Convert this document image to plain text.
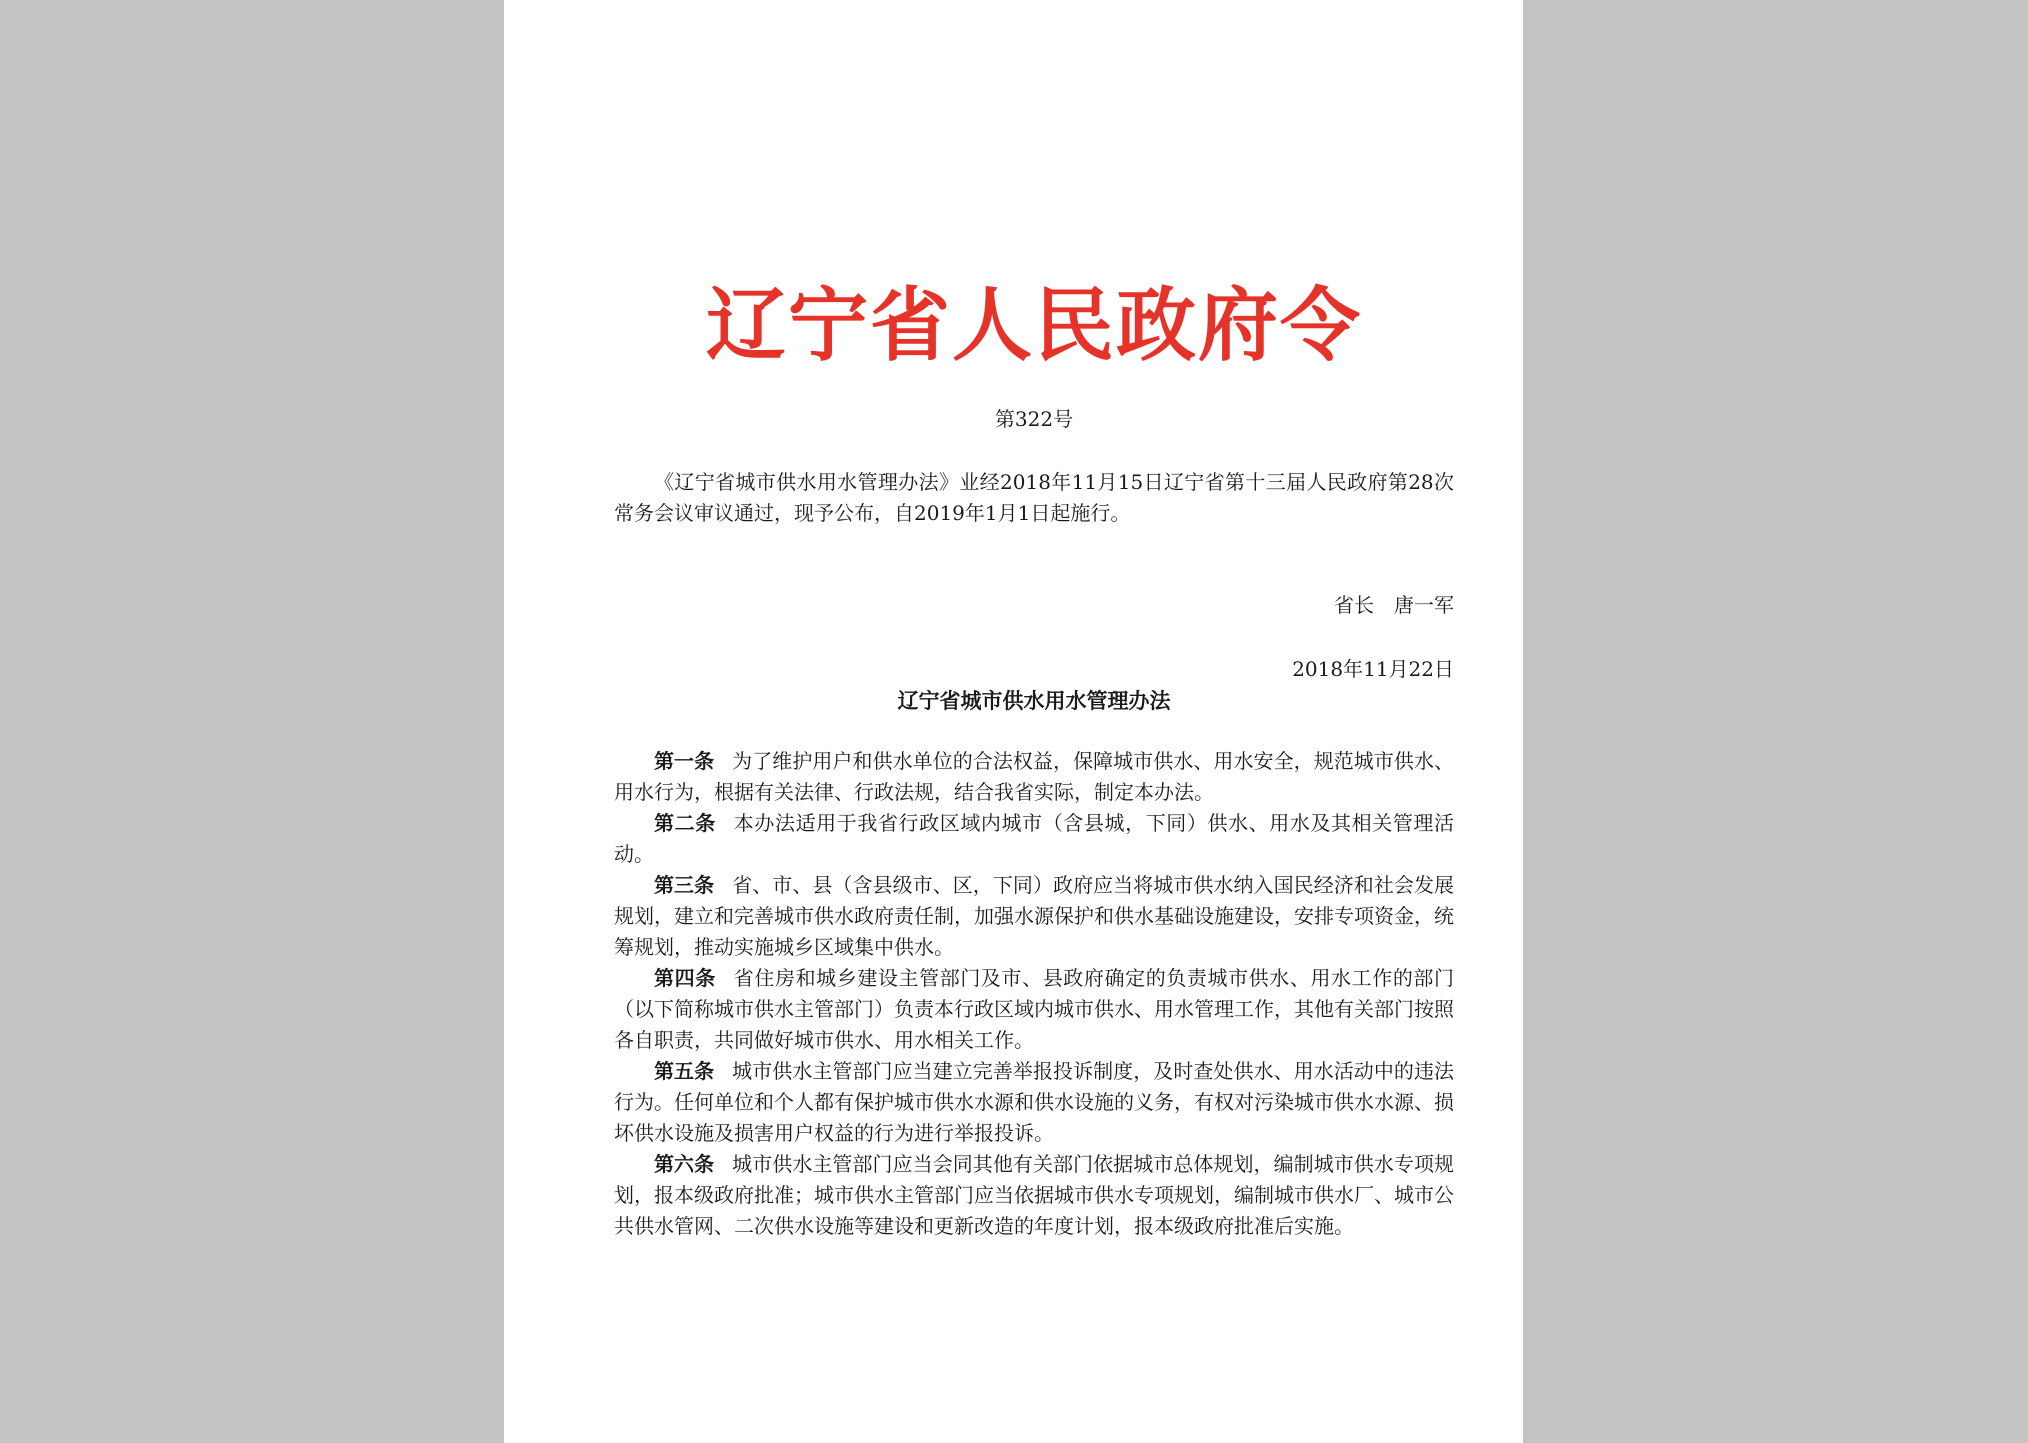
辽宁省人民政府令
第322号

《辽宁省城市供水用水管理办法》业经2018年11月15日辽宁省第十三届人民政府第28次常务会议审议通过，现予公布，自2019年1月1日起施行。

省长　唐一军
2018年11月22日
辽宁省城市供水用水管理办法

第一条 为了维护用户和供水单位的合法权益，保障城市供水、用水安全，规范城市供水、用水行为，根据有关法律、行政法规，结合我省实际，制定本办法。

第二条 本办法适用于我省行政区域内城市（含县城，下同）供水、用水及其相关管理活动。

第三条 省、市、县（含县级市、区，下同）政府应当将城市供水纳入国民经济和社会发展规划，建立和完善城市供水政府责任制，加强水源保护和供水基础设施建设，安排专项资金，统筹规划，推动实施城乡区域集中供水。

第四条 省住房和城乡建设主管部门及市、县政府确定的负责城市供水、用水工作的部门（以下简称城市供水主管部门）负责本行政区域内城市供水、用水管理工作，其他有关部门按照各自职责，共同做好城市供水、用水相关工作。

第五条 城市供水主管部门应当建立完善举报投诉制度，及时查处供水、用水活动中的违法行为。任何单位和个人都有保护城市供水水源和供水设施的义务，有权对污染城市供水水源、损坏供水设施及损害用户权益的行为进行举报投诉。

第六条 城市供水主管部门应当会同其他有关部门依据城市总体规划，编制城市供水专项规划，报本级政府批准；城市供水主管部门应当依据城市供水专项规划，编制城市供水厂、城市公共供水管网、二次供水设施等建设和更新改造的年度计划，报本级政府批准后实施。
